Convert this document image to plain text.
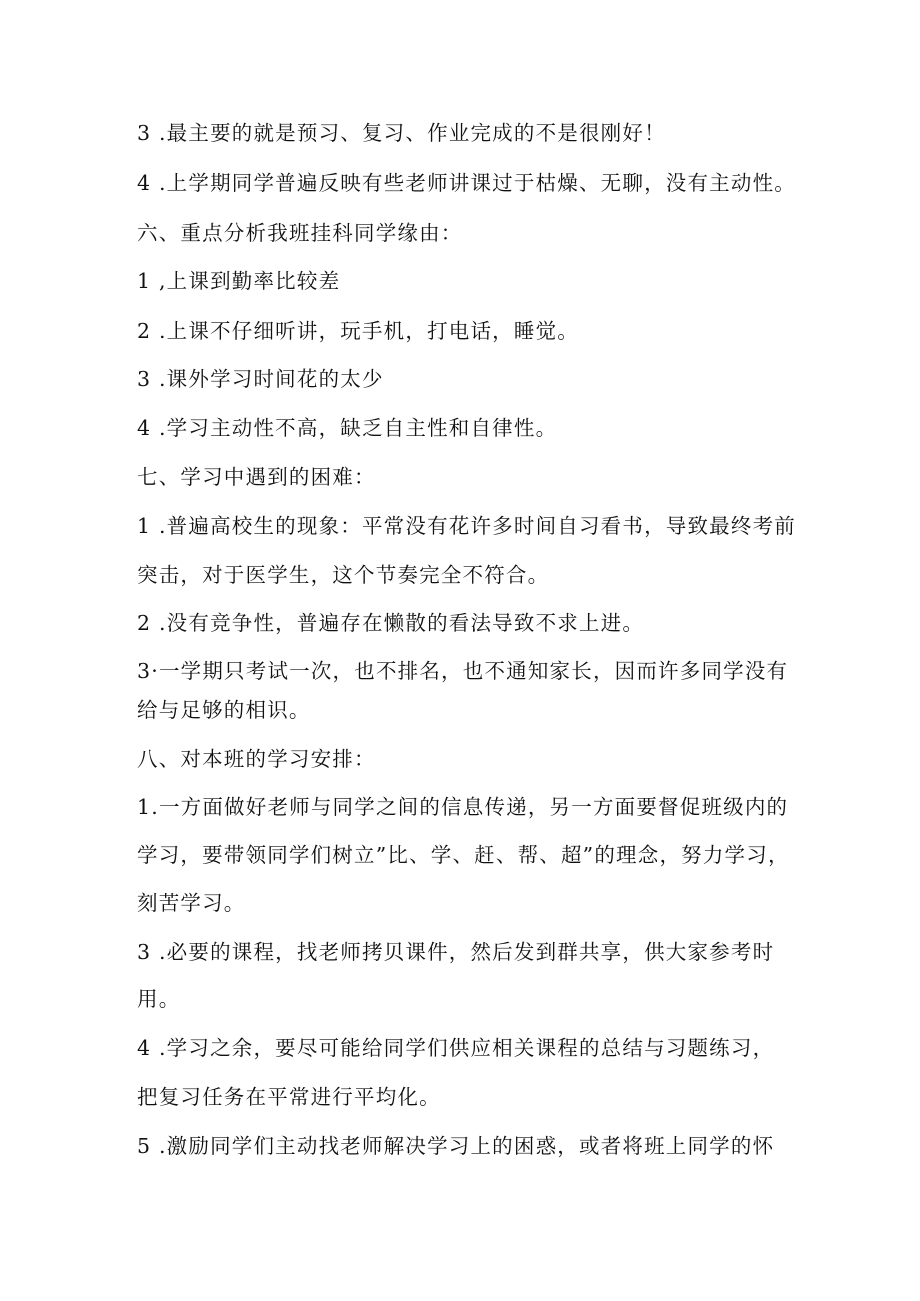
3 .最主要的就是预习、复习、作业完成的不是很刚好！
4 .上学期同学普遍反映有些老师讲课过于枯燥、无聊，没有主动性。
六、重点分析我班挂科同学缘由：
1 ,上课到勤率比较差
2 .上课不仔细听讲，玩手机，打电话，睡觉。
3 .课外学习时间花的太少
4 .学习主动性不高，缺乏自主性和自律性。
七、学习中遇到的困难：
1 .普遍高校生的现象：平常没有花许多时间自习看书，导致最终考前
突击，对于医学生，这个节奏完全不符合。
2 .没有竞争性，普遍存在懒散的看法导致不求上进。
3·一学期只考试一次，也不排名，也不通知家长，因而许多同学没有
给与足够的相识。
八、对本班的学习安排：
1.一方面做好老师与同学之间的信息传递，另一方面要督促班级内的
学习，要带领同学们树立”比、学、赶、帮、超”的理念，努力学习，
刻苦学习。
3 .必要的课程，找老师拷贝课件，然后发到群共享，供大家参考时
用。
4 .学习之余，要尽可能给同学们供应相关课程的总结与习题练习，
把复习任务在平常进行平均化。
5 .激励同学们主动找老师解决学习上的困惑，或者将班上同学的怀
